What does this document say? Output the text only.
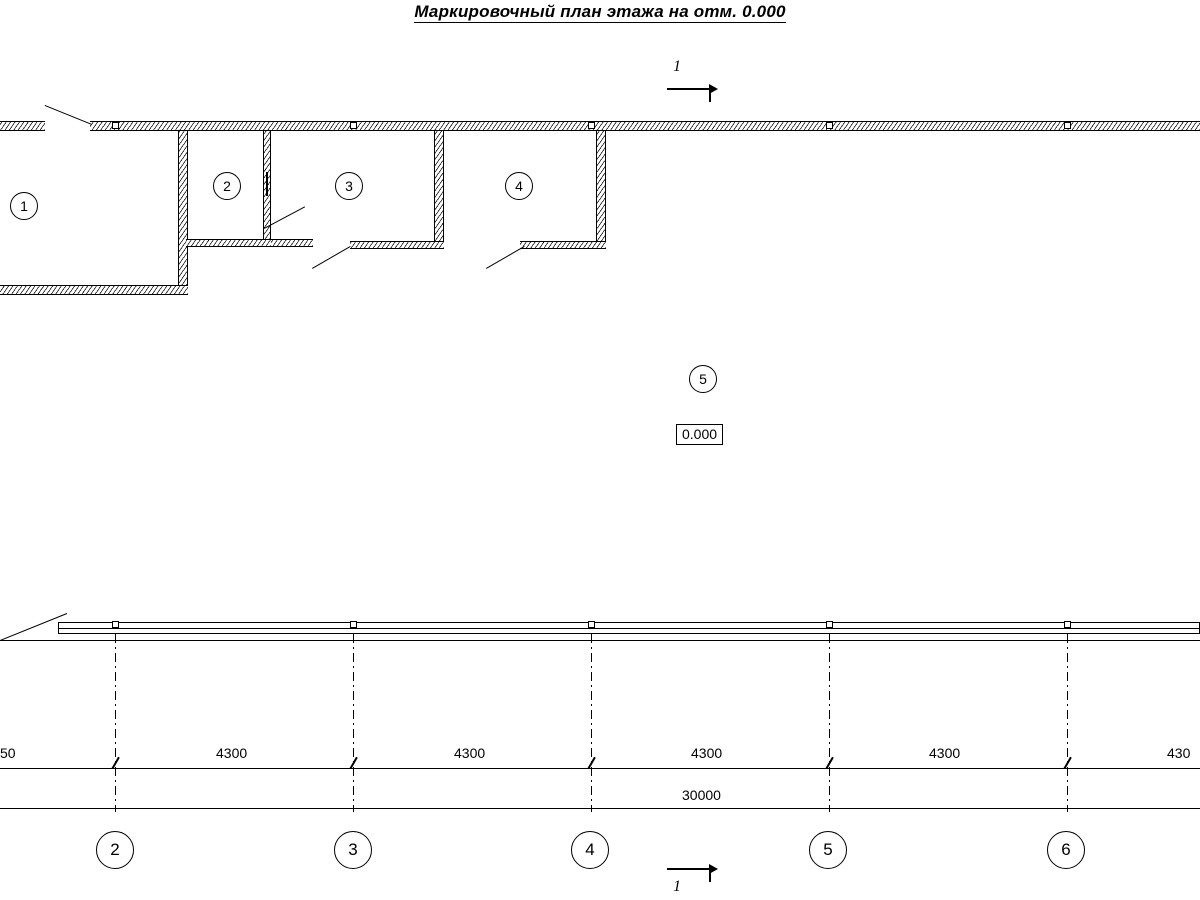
Маркировочный план этажа на отм. 0.000
1
1
2	3	4
5
0.000
50	4300	4300	4300	4300	430
30000
2	3	4	5	6
1
